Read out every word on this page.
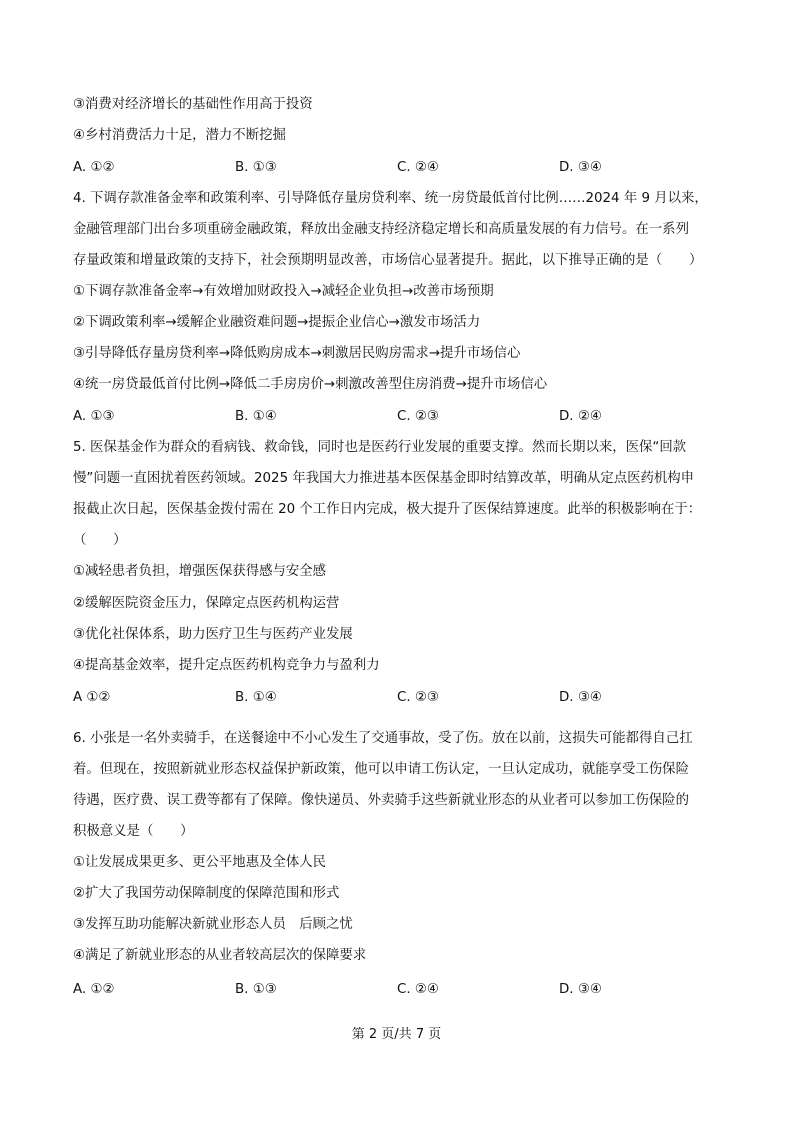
③消费对经济增长的基础性作用高于投资
④乡村消费活力十足，潜力不断挖掘
A. ①②	B. ①③	C. ②④	D. ③④
4. 下调存款准备金率和政策利率、引导降低存量房贷利率、统一房贷最低首付比例……2024 年 9 月以来，
金融管理部门出台多项重磅金融政策，释放出金融支持经济稳定增长和高质量发展的有力信号。在一系列
存量政策和增量政策的支持下，社会预期明显改善，市场信心显著提升。据此，以下推导正确的是（　　）
①下调存款准备金率→有效增加财政投入→减轻企业负担→改善市场预期
②下调政策利率→缓解企业融资难问题→提振企业信心→激发市场活力
③引导降低存量房贷利率→降低购房成本→刺激居民购房需求→提升市场信心
④统一房贷最低首付比例→降低二手房房价→刺激改善型住房消费→提升市场信心
A. ①③	B. ①④	C. ②③	D. ②④
5. 医保基金作为群众的看病钱、救命钱，同时也是医药行业发展的重要支撑。然而长期以来，医保“回款
慢”问题一直困扰着医药领域。2025 年我国大力推进基本医保基金即时结算改革，明确从定点医药机构申
报截止次日起，医保基金拨付需在 20 个工作日内完成，极大提升了医保结算速度。此举的积极影响在于：
（　　）
①减轻患者负担，增强医保获得感与安全感
②缓解医院资金压力，保障定点医药机构运营
③优化社保体系，助力医疗卫生与医药产业发展
④提高基金效率，提升定点医药机构竞争力与盈利力
A ①②	B. ①④	C. ②③	D. ③④
6. 小张是一名外卖骑手，在送餐途中不小心发生了交通事故，受了伤。放在以前，这损失可能都得自己扛
着。但现在，按照新就业形态权益保护新政策，他可以申请工伤认定，一旦认定成功，就能享受工伤保险
待遇，医疗费、误工费等都有了保障。像快递员、外卖骑手这些新就业形态的从业者可以参加工伤保险的
积极意义是（　　）
①让发展成果更多、更公平地惠及全体人民
②扩大了我国劳动保障制度的保障范围和形式
③发挥互助功能解决新就业形态人员　后顾之忧
④满足了新就业形态的从业者较高层次的保障要求
A. ①②	B. ①③	C. ②④	D. ③④
第 2 页/共 7 页
